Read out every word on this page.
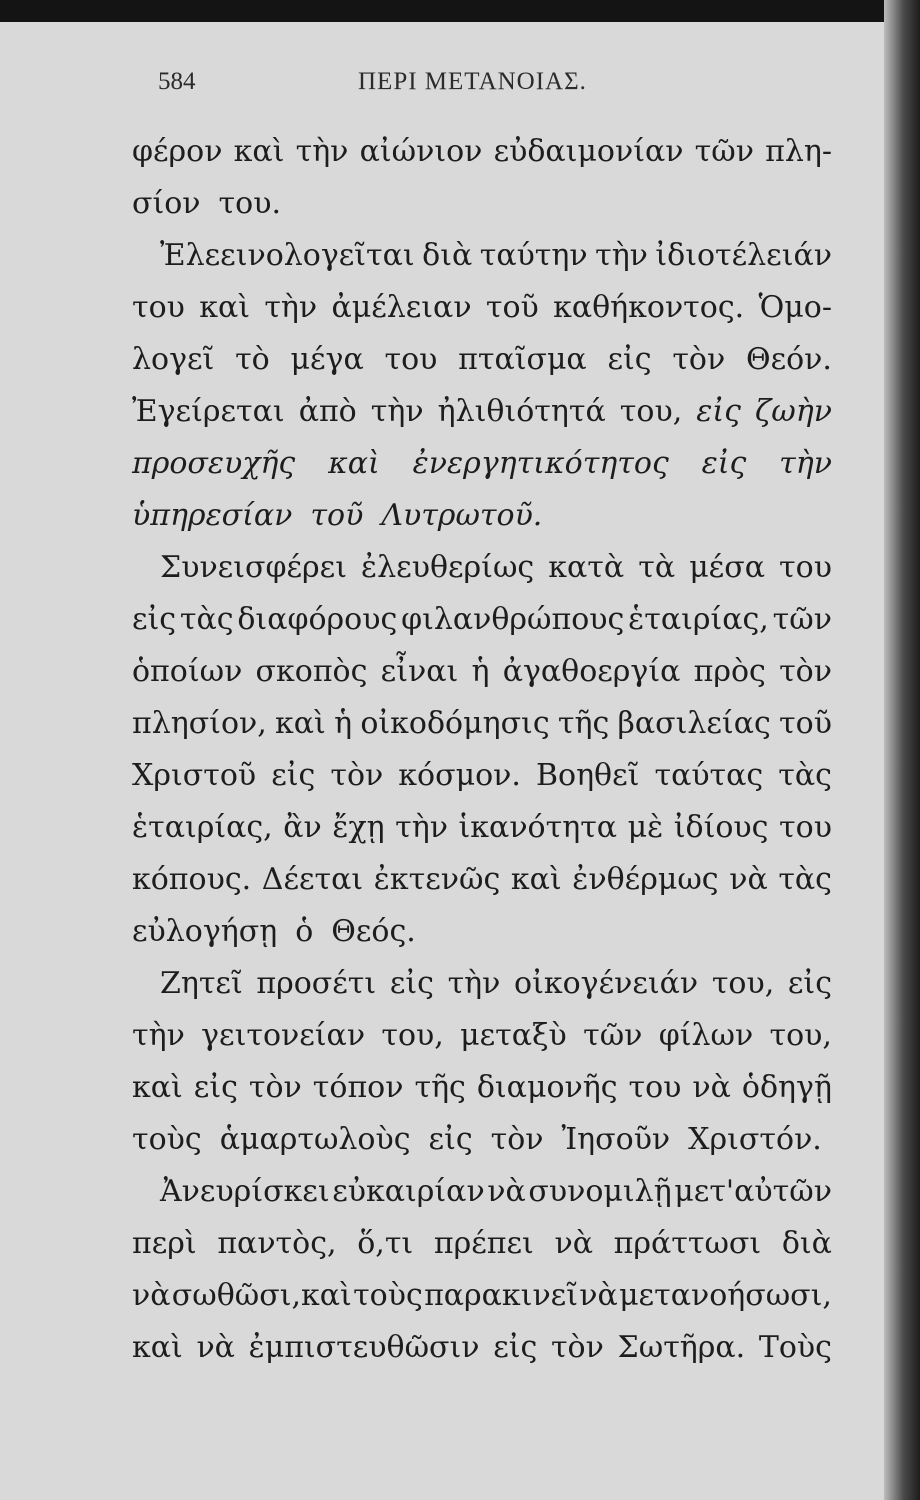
584	ΠΕΡΙ ΜΕΤΑΝΟΙΑΣ.
φέρον καὶ τὴν αἰώνιον εὐδαιμονίαν τῶν πλη-
σίον του.
Ἐλεεινολογεῖται διὰ ταύτην τὴν ἰδιοτέλειάν
του καὶ τὴν ἀμέλειαν τοῦ καθήκοντος. Ὁμο-
λογεῖ τὸ μέγα του πταῖσμα εἰς τὸν Θεόν.
Ἐγείρεται ἀπὸ τὴν ἠλιθιότητά του, εἰς ζωὴν
προσευχῆς καὶ ἐνεργητικότητος εἰς τὴν
ὑπηρεσίαν τοῦ Λυτρωτοῦ.
Συνεισφέρει ἐλευθερίως κατὰ τὰ μέσα του
εἰς τὰς διαφόρους φιλανθρώπους ἑταιρίας, τῶν
ὁποίων σκοπὸς εἶναι ἡ ἀγαθοεργία πρὸς τὸν
πλησίον, καὶ ἡ οἰκοδόμησις τῆς βασιλείας τοῦ
Χριστοῦ εἰς τὸν κόσμον. Βοηθεῖ ταύτας τὰς
ἑταιρίας, ἂν ἔχῃ τὴν ἱκανότητα μὲ ἰδίους του
κόπους. Δέεται ἐκτενῶς καὶ ἐνθέρμως νὰ τὰς
εὐλογήσῃ ὁ Θεός.
Ζητεῖ προσέτι εἰς τὴν οἰκογένειάν του, εἰς
τὴν γειτονείαν του, μεταξὺ τῶν φίλων του,
καὶ εἰς τὸν τόπον τῆς διαμονῆς του νὰ ὁδηγῇ
τοὺς ἁμαρτωλοὺς εἰς τὸν Ἰησοῦν Χριστόν.
Ἀνευρίσκει εὐκαιρίαν νὰ συνομιλῇ μετ'αὐτῶν
περὶ παντὸς, ὅ,τι πρέπει νὰ πράττωσι διὰ
νὰ σωθῶσι,καὶ τοὺς παρακινεῖ νὰ μετανοήσωσι,
καὶ νὰ ἐμπιστευθῶσιν εἰς τὸν Σωτῆρα. Τοὺς
